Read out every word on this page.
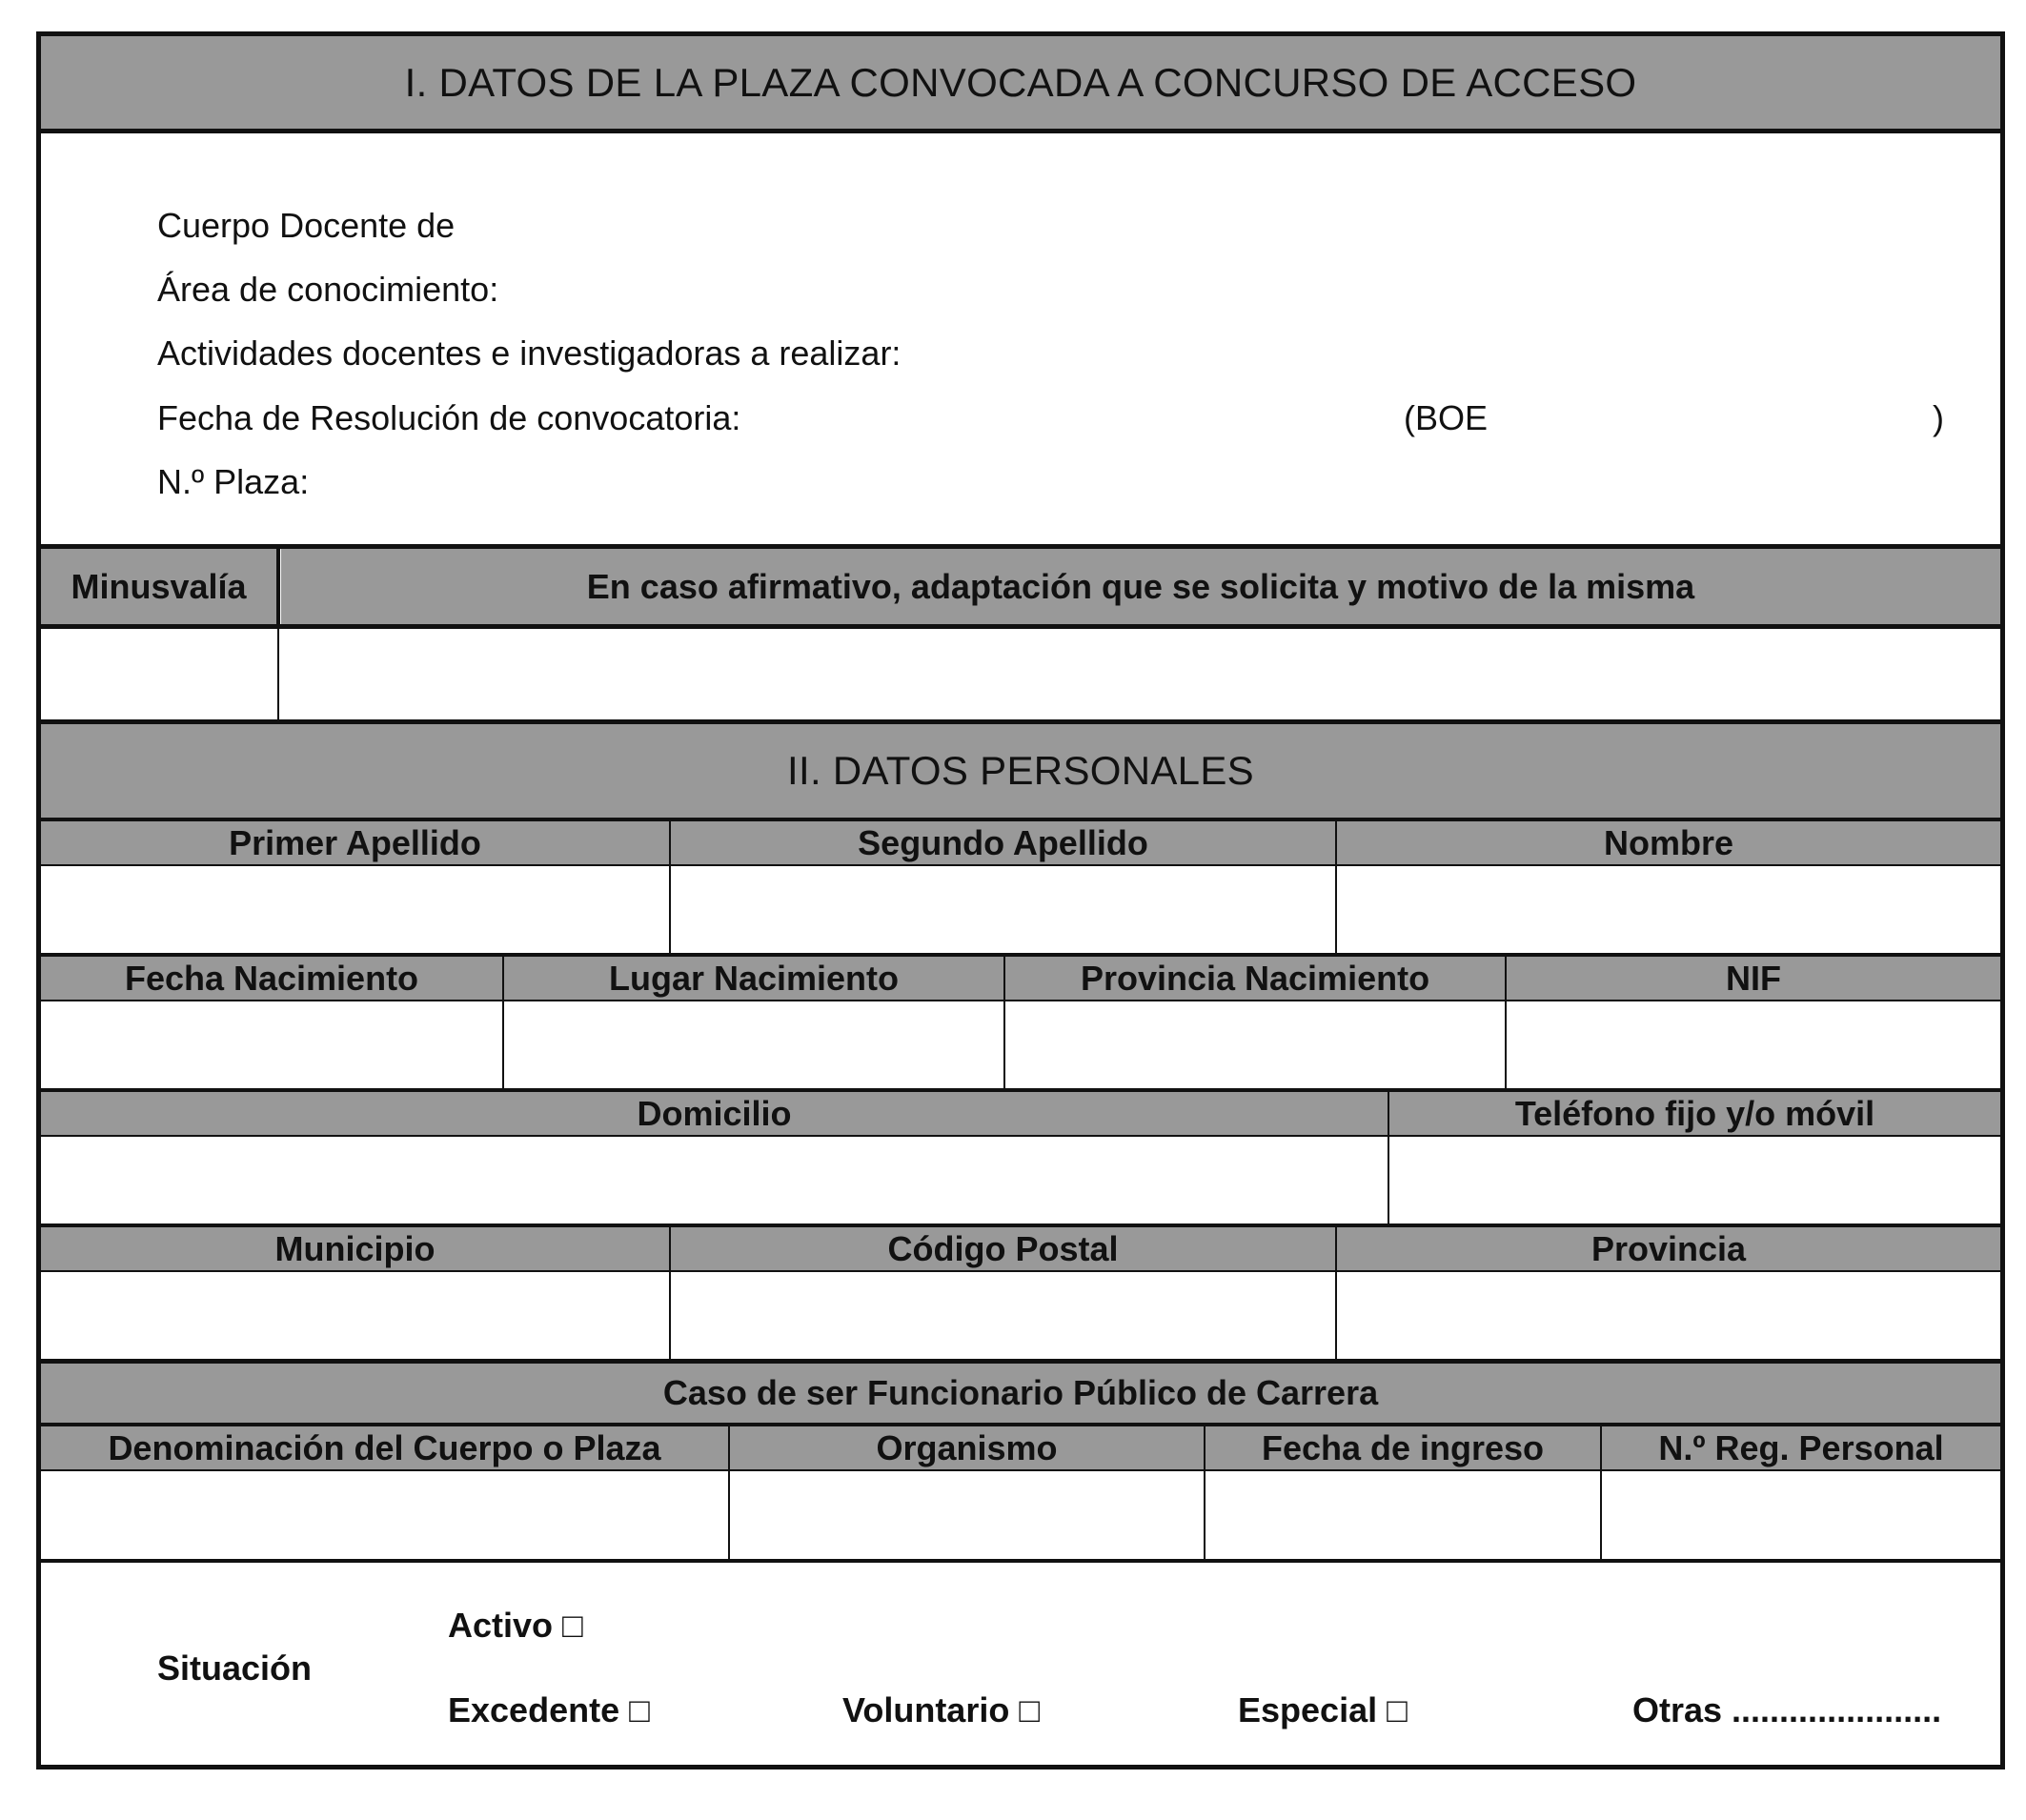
I. DATOS DE LA PLAZA CONVOCADA A CONCURSO DE ACCESO
Cuerpo Docente de
Área de conocimiento:
Actividades docentes e investigadoras a realizar:
Fecha de Resolución de convocatoria:	(BOE	)
N.º Plaza:
Minusvalía	En caso afirmativo, adaptación que se solicita y motivo de la misma
II. DATOS PERSONALES
Primer Apellido	Segundo Apellido	Nombre
Fecha Nacimiento	Lugar Nacimiento	Provincia Nacimiento	NIF
Domicilio	Teléfono fijo y/o móvil
Municipio	Código Postal	Provincia
Caso de ser Funcionario Público de Carrera
Denominación del Cuerpo o Plaza	Organismo	Fecha de ingreso	N.º Reg. Personal
Situación
Activo □
Excedente □	Voluntario □	Especial □	Otras ......................
